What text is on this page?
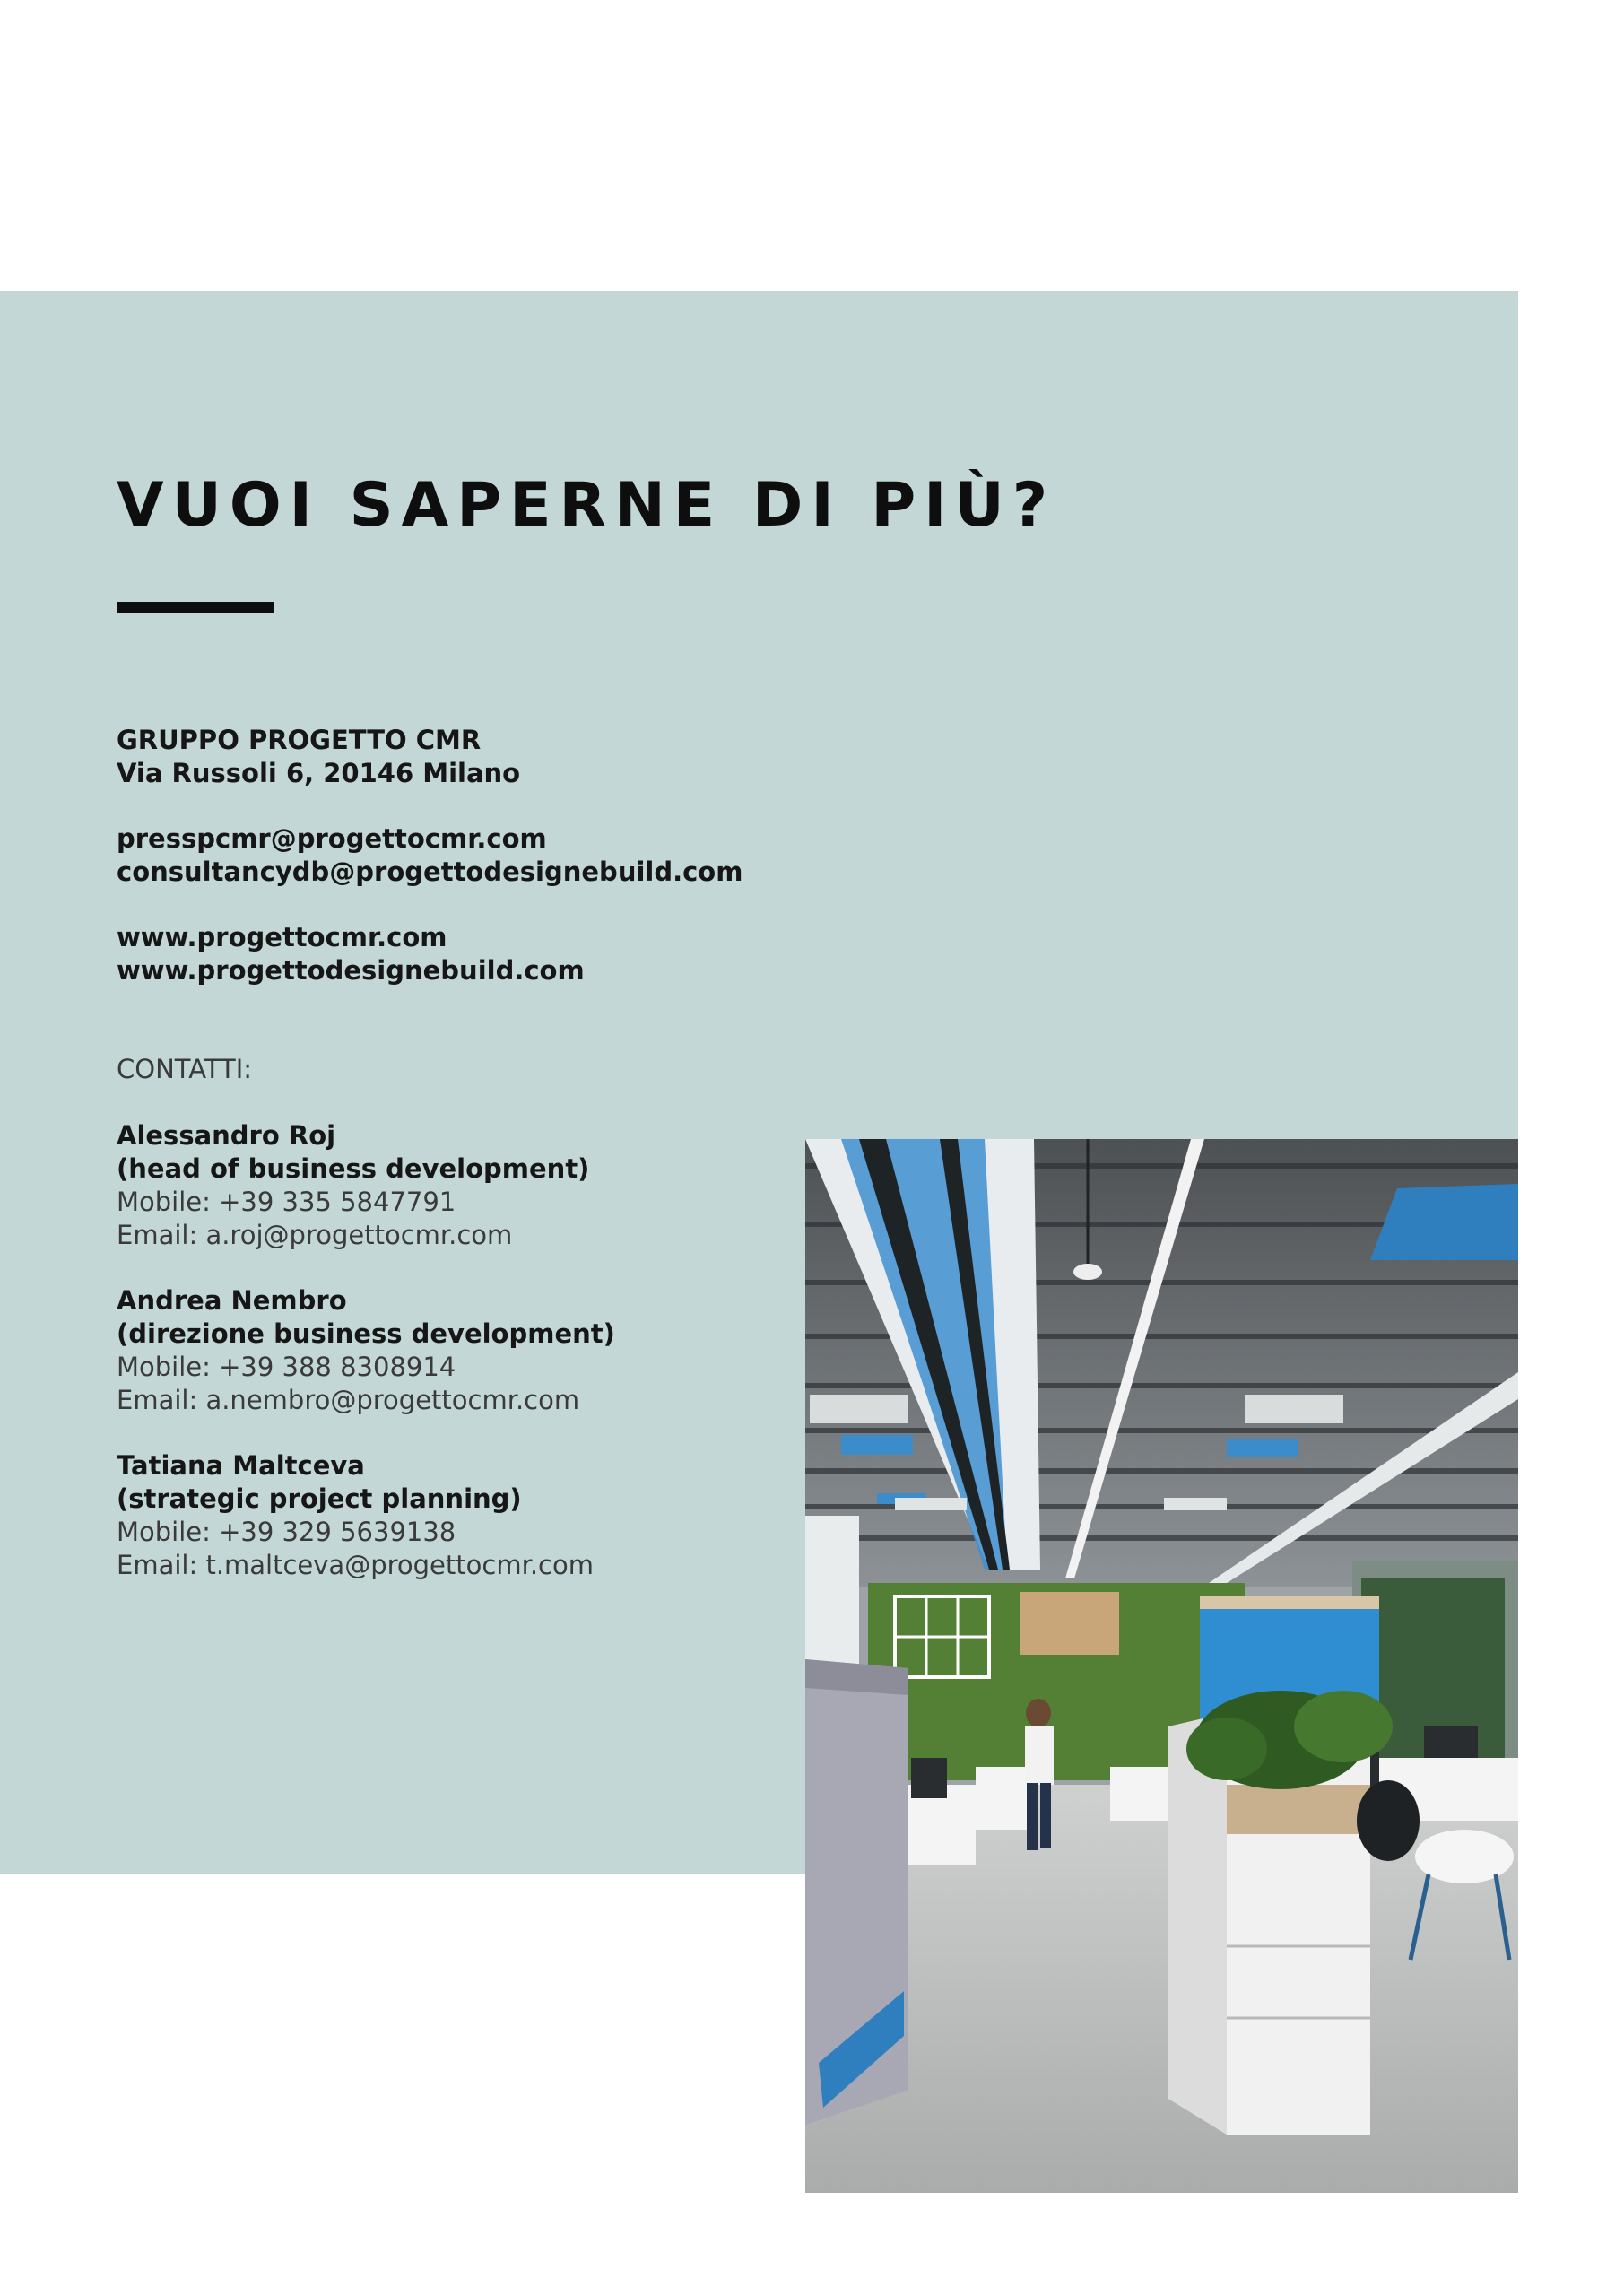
VUOI SAPERNE DI PIÙ?
GRUPPO PROGETTO CMR
Via Russoli 6, 20146 Milano
presspcmr@progettocmr.com
consultancydb@progettodesignebuild.com
www.progettocmr.com
www.progettodesignebuild.com
CONTATTI:
Alessandro Roj
(head of business development)
Mobile: +39 335 5847791
Email: a.roj@progettocmr.com
Andrea Nembro
(direzione business development)
Mobile: +39 388 8308914
Email: a.nembro@progettocmr.com
Tatiana Maltceva
(strategic project planning)
Mobile: +39 329 5639138
Email: t.maltceva@progettocmr.com
